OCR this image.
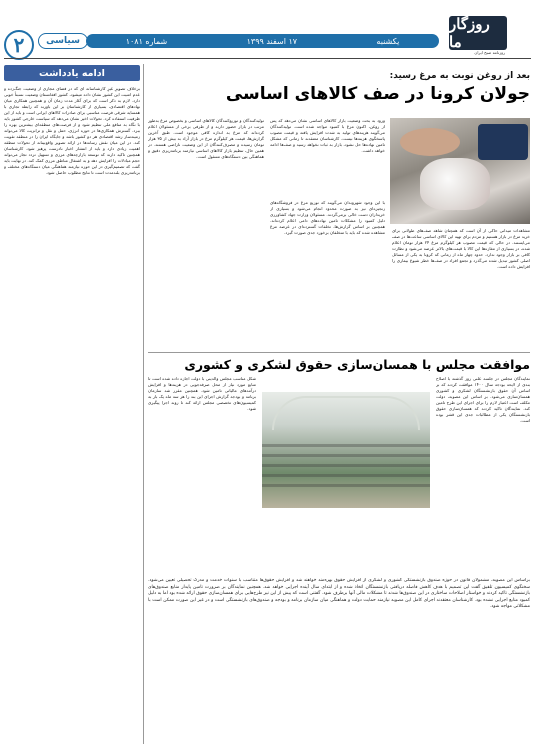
روزگار ما
روزنامه صبح ایران
یکشنبه
۱۷ اسفند ۱۳۹۹
شماره ۱۰۸۱
سیاسی
۲
ادامه یادداشت
برخلاف تصویرِ غیرِ کارشناسانه ای که در فضای مجازی از وضعیت جنگ‌زده و عدم امنیت این کشور نشان داده میشود، کشور افغانستان وضعیت نسبتاً خوبی دارد. لازم به ذکر است که برای آغاز مدت زمان آن و همچنین همکاری میان نهادهای اقتصادی، بسیاری از کارشناسان بر این باورند که رابطه تجاری با همسایه شرقی فرصت مناسبی برای صادرات کالاهای ایرانی است و باید از این ظرفیت استفاده کرد. تحولات اخیر نشان می‌دهد که سیاست خارجی کشور باید با نگاه به منافع ملی تنظیم شود و از فرصت‌های منطقه‌ای بیشترین بهره را ببرد. گسترش همکاری‌ها در حوزه انرژی، حمل و نقل و ترانزیت کالا می‌تواند زمینه‌ساز رشد اقتصادی هر دو کشور باشد و جایگاه ایران را در منطقه تقویت کند. در این میان نقش رسانه‌ها در ارائه تصویر واقع‌بینانه از تحولات منطقه اهمیت زیادی دارد و باید از انتشار اخبار نادرست پرهیز شود. کارشناسان همچنین تاکید دارند که توسعه بازارچه‌های مرزی و تسهیل تردد تجار می‌تواند حجم مبادلات را افزایش دهد و به اشتغال مناطق مرزی کمک کند. در نهایت باید گفت که تصمیم‌گیری در این حوزه نیازمند هماهنگی میان دستگاه‌های مختلف و برنامه‌ریزی بلندمدت است تا نتایج مطلوب حاصل شود.
بعد از روغن نوبت به مرغ رسید:
جولان کرونا در صف کالاهای اساسی
مشاهدات میدانی حاکی از آن است که همچنان شاهد صف‌های طولانی برای خرید مرغ در بازار هستیم و مردم برای تهیه این کالای اساسی ساعت‌ها در صف می‌ایستند. در حالی که قیمت مصوب هر کیلوگرم مرغ ۲۴ هزار تومان اعلام شده، در بسیاری از مغازه‌ها این کالا با قیمت‌های بالاتر عرضه می‌شود و نظارت کافی بر بازار وجود ندارد. حدود چهار ماه از زمانی که کرونا به یکی از مسائل اصلی کشور تبدیل شده می‌گذرد و تجمع افراد در صف‌ها خطر شیوع بیماری را افزایش داده است.
با این وجود شهروندان می‌گویند که توزیع مرغ در فروشگاه‌های زنجیره‌ای نیز به صورت محدود انجام می‌شود و بسیاری از خریداران دست خالی برمی‌گردند. مسئولان وزارت جهاد کشاورزی دلیل کمبود را مشکلات تامین نهاده‌های دامی اعلام کرده‌اند. همچنین بر اساس گزارش‌ها، تخلفات گسترده‌ای در عرضه مرغ مشاهده شده که باید با متخلفان برخورد جدی صورت گیرد.
ورود به بحث وضعیت بازار کالاهای اساسی نشان می‌دهد که پس از روغن، اکنون مرغ با کمبود مواجه شده است. تولیدکنندگان می‌گویند هزینه‌های تولید به شدت افزایش یافته و قیمت مصوب پاسخگوی هزینه‌ها نیست. کارشناسان معتقدند تا زمانی که مشکل تامین نهاده‌ها حل نشود، بازار به ثبات نخواهد رسید و صف‌ها ادامه خواهد داشت.
تولیدکنندگان و توزیع‌کنندگان کالاهای اساسی و بخصوص مرغ به‌طور مرتب در بازار حضور دارند و از طرفی برخی از مسئولان اعلام کرده‌اند که مرغ به اندازه کافی موجود است. طبق آخرین گزارش‌ها، قیمت هر کیلوگرم مرغ در بازار آزاد به بیش از ۳۵ هزار تومان رسیده و مصرف‌کنندگان از این وضعیت ناراضی هستند. در همین حال، تنظیم بازار کالاهای اساسی نیازمند برنامه‌ریزی دقیق و هماهنگی بین دستگاه‌های مسئول است.
موافقت مجلس با همسان‌سازی حقوق لشکری و کشوری
نمایندگان مجلس در جلسه علنی روز گذشته با اصلاح بندی از لایحه بودجه سال ۱۴۰۰ موافقت کردند که بر اساس آن حقوق بازنشستگان لشکری و کشوری همسان‌سازی می‌شود. بر اساس این مصوبه، دولت مکلف است اعتبار لازم را برای اجرای این طرح تامین کند. نمایندگان تاکید کردند که همسان‌سازی حقوق بازنشستگان یکی از مطالبات جدی این قشر بوده است.
شکل مناسب مجلس والدینی با دولت اجازه داده شده است تا منابع مورد نیاز از محل صرفه‌جویی در هزینه‌ها و افزایش درآمدهای مالیاتی تامین شود. همچنین مقرر شد سازمان برنامه و بودجه گزارش اجرای این بند را هر سه ماه یک بار به کمیسیون‌های تخصصی مجلس ارائه کند تا روند اجرا پیگیری شود.
براساس این مصوبه، مشمولان قانون در حوزه صندوق بازنشستگی کشوری و لشکری از افزایش حقوق بهره‌مند خواهند شد و افزایش حقوق‌ها متناسب با سنوات خدمت و مدرک تحصیلی تعیین می‌شود. سخنگوی کمیسیون تلفیق گفت این تصمیم با هدف کاهش فاصله دریافتی بازنشستگان اتخاذ شده و از ابتدای سال آینده اجرایی خواهد شد. همچنین نمایندگان بر ضرورت تامین پایدار منابع صندوق‌های بازنشستگی تاکید کردند و خواستار اصلاحات ساختاری در این صندوق‌ها شدند تا مشکلات مالی آنها برطرف شود. گفتنی است که پیش از این نیز طرح‌هایی برای همسان‌سازی حقوق ارائه شده بود اما به دلیل کمبود منابع اجرایی نشده بود. کارشناسان معتقدند اجرای کامل این مصوبه نیازمند حمایت دولت و هماهنگی میان سازمان برنامه و بودجه و صندوق‌های بازنشستگی است و در غیر این صورت ممکن است با مشکلاتی مواجه شود.
